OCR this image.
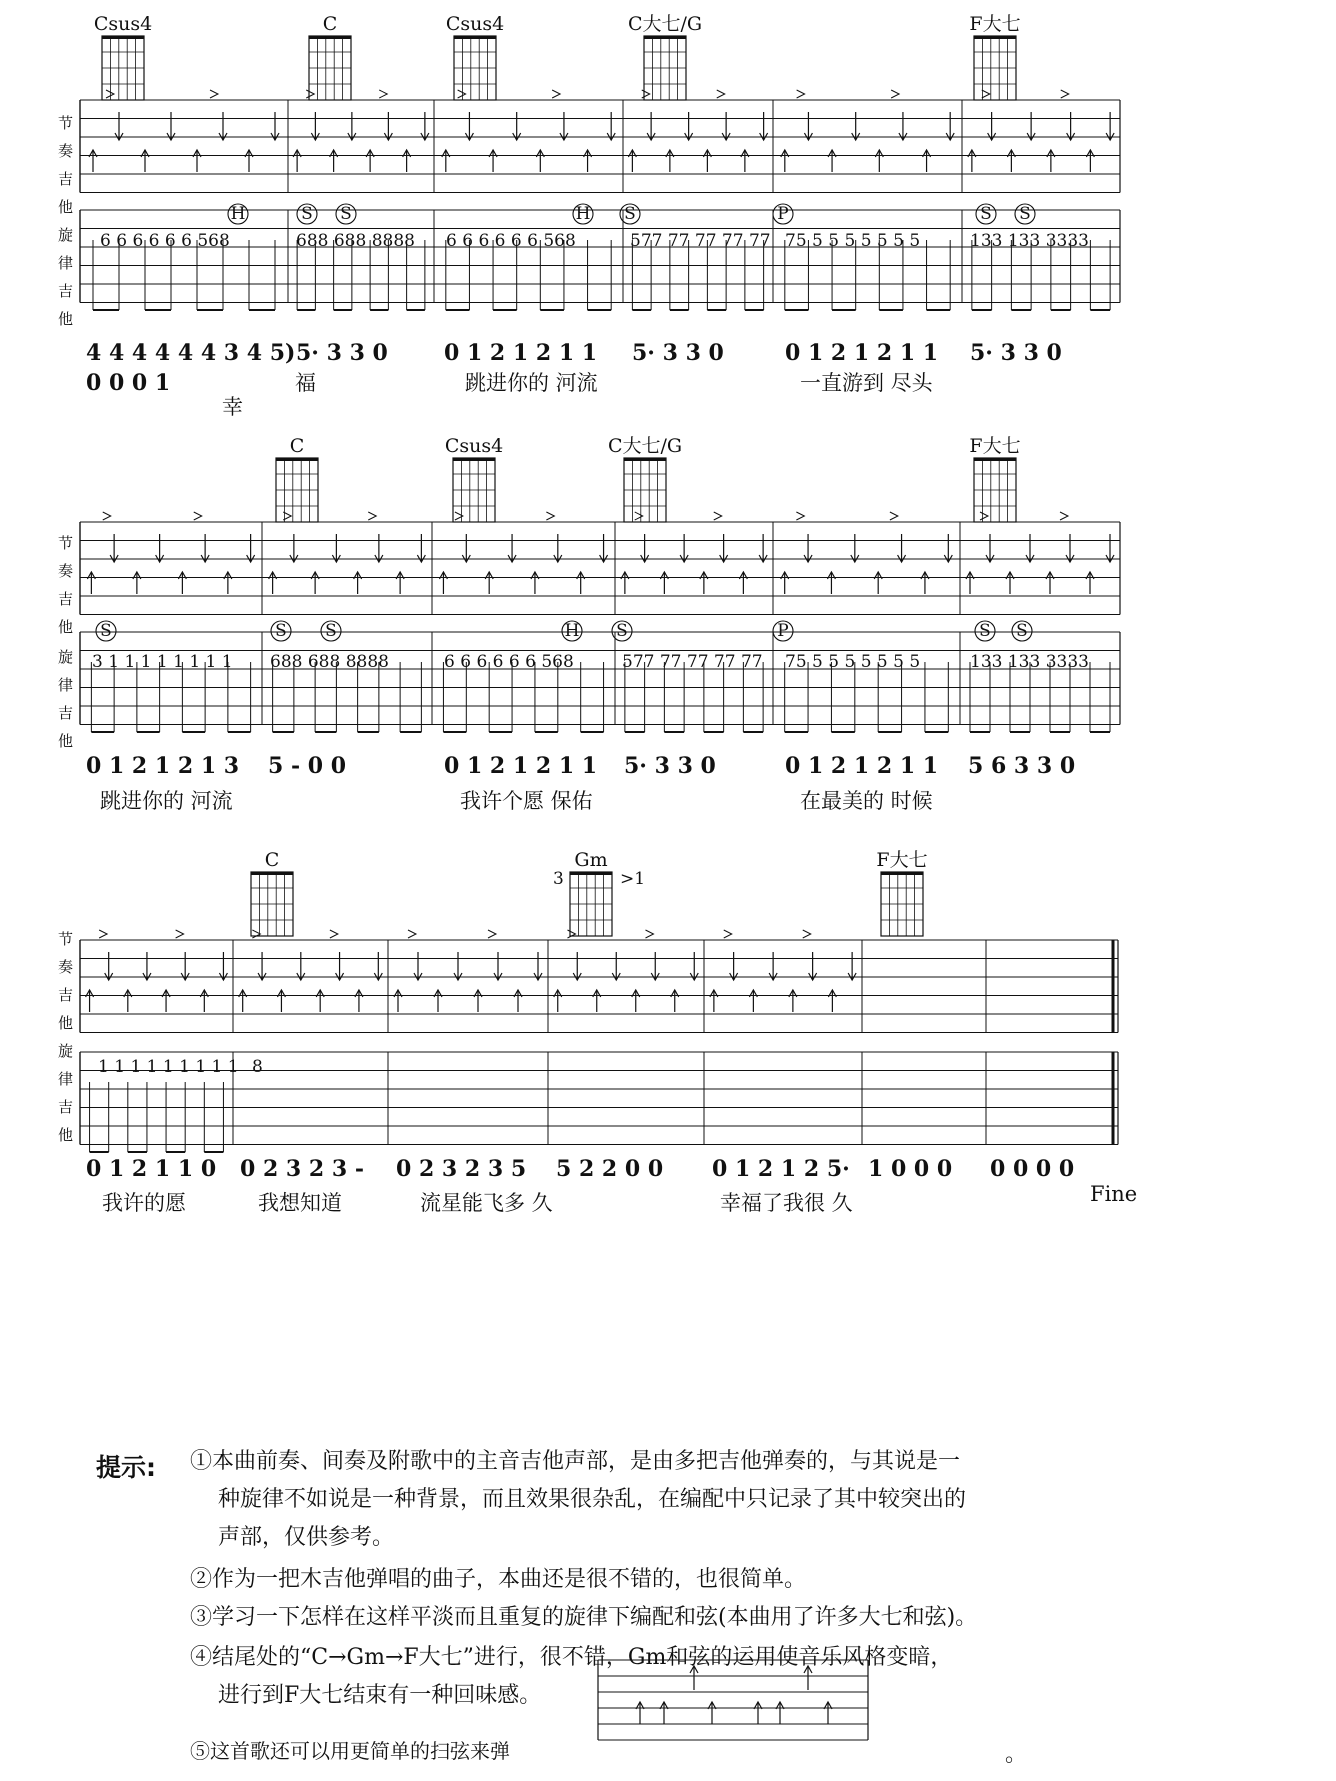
Csus4	C	Csus4	C大七/G	F大七
C	Csus4	C大七/G	F大七
C	Gm	F大七
节
奏
吉
他
旋
律
吉
他
6 6 6 6 6 6 568	688 688 8888 6 6 6 6 6 6 568	577 77 77 77 77 75 5 5 5 5 5 5 5	133 133 3333
H	S S	H S	P	S S
4 4 4 4 4 4 3 4 5) 5· 3 3 0	0 1 2 1 2 1 1 5· 3 3 0	0 1 2 1 2 1 1 5· 3 3 0
0 0 0 1
幸
福	跳进你的 河流	一直游到 尽头
节
奏
吉
他
旋
律
吉
他
3 1 1 1 1 1 1 1 1 688 688 8888	6 6 6 6 6 6 568	577 77 77 77 77 75 5 5 5 5 5 5 5	133 133 3333
S	S S	H S	P	S S
0 1 2 1 2 1 3 5 - 0 0	0 1 2 1 2 1 1 5· 3 3 0	0 1 2 1 2 1 1 5 6 3 3 0
跳进你的 河流	我许个愿 保佑	在最美的 时候
3	>1
节
奏
吉
他
旋
律
吉
他
1 1 1 1 1 1 1 1 1 8
0 1 2 1 1 0 0 2 3 2 3 - 0 2 3 2 3 5 5 2 2 0 0 0 1 2 1 2 5· 1 0 0 0 0 0 0 0
我许的愿	我想知道	流星能飞多 久	幸福了我很 久	Fine
提示: ①本曲前奏、间奏及附歌中的主音吉他声部，是由多把吉他弹奏的，与其说是一
种旋律不如说是一种背景，而且效果很杂乱，在编配中只记录了其中较突出的
声部，仅供参考。
②作为一把木吉他弹唱的曲子，本曲还是很不错的，也很简单。
③学习一下怎样在这样平淡而且重复的旋律下编配和弦(本曲用了许多大七和弦)。
④结尾处的“C→Gm→F大七”进行，很不错，Gm和弦的运用使音乐风格变暗，
进行到F大七结束有一种回味感。
⑤这首歌还可以用更简单的扫弦来弹	。
